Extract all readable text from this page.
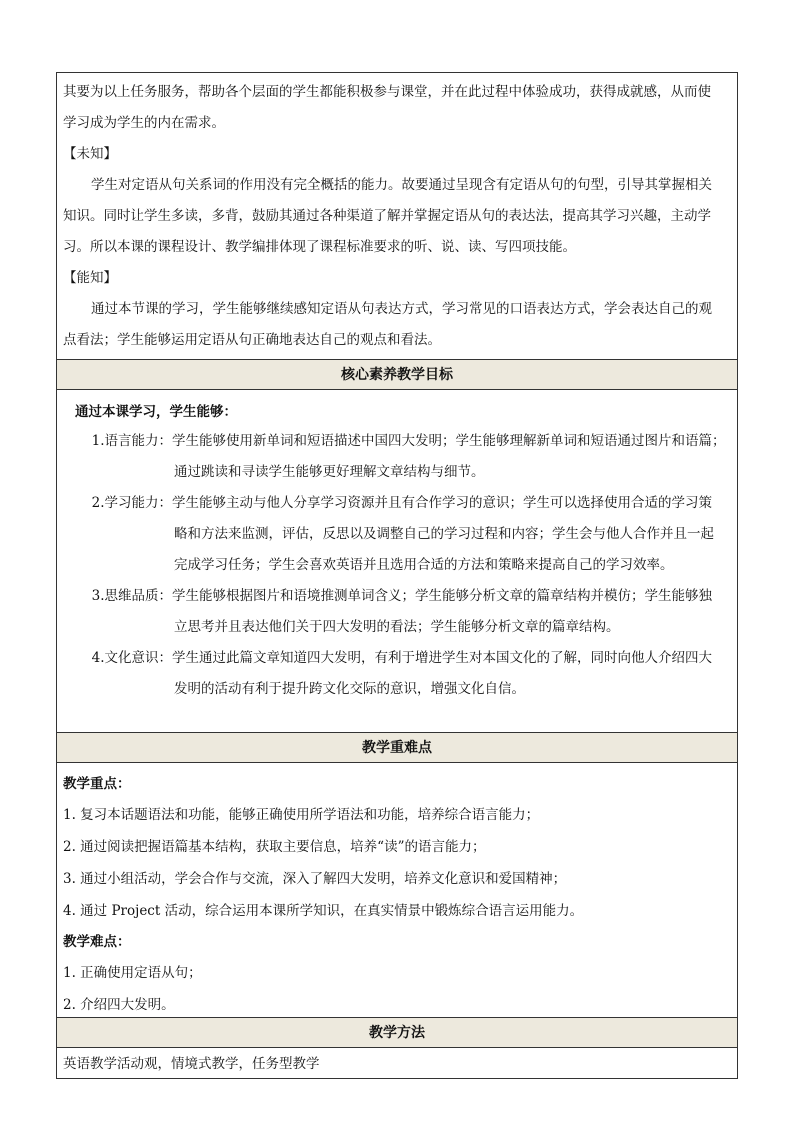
其要为以上任务服务，帮助各个层面的学生都能积极参与课堂，并在此过程中体验成功，获得成就感，从而使

学习成为学生的内在需求。

【未知】

学生对定语从句关系词的作用没有完全概括的能力。故要通过呈现含有定语从句的句型，引导其掌握相关

知识。同时让学生多读，多背，鼓励其通过各种渠道了解并掌握定语从句的表达法，提高其学习兴趣，主动学

习。所以本课的课程设计、教学编排体现了课程标准要求的听、说、读、写四项技能。

【能知】

通过本节课的学习，学生能够继续感知定语从句表达方式，学习常见的口语表达方式，学会表达自己的观

点看法；学生能够运用定语从句正确地表达自己的观点和看法。

核心素养教学目标

通过本课学习，学生能够：

1.语言能力： 学生能够使用新单词和短语描述中国四大发明；学生能够理解新单词和短语通过图片和语篇；
通过跳读和寻读学生能够更好理解文章结构与细节。
2.学习能力： 学生能够主动与他人分享学习资源并且有合作学习的意识；学生可以选择使用合适的学习策
略和方法来监测，评估，反思以及调整自己的学习过程和内容；学生会与他人合作并且一起
完成学习任务；学生会喜欢英语并且选用合适的方法和策略来提高自己的学习效率。
3.思维品质： 学生能够根据图片和语境推测单词含义；学生能够分析文章的篇章结构并模仿；学生能够独
立思考并且表达他们关于四大发明的看法；学生能够分析文章的篇章结构。
4.文化意识： 学生通过此篇文章知道四大发明，有利于增进学生对本国文化的了解，同时向他人介绍四大
发明的活动有利于提升跨文化交际的意识，增强文化自信。
教学重难点

教学重点：

1. 复习本话题语法和功能，能够正确使用所学语法和功能，培养综合语言能力；

2. 通过阅读把握语篇基本结构，获取主要信息，培养“读”的语言能力；

3. 通过小组活动，学会合作与交流，深入了解四大发明，培养文化意识和爱国精神；

4. 通过 Project 活动，综合运用本课所学知识，在真实情景中锻炼综合语言运用能力。

教学难点：

1. 正确使用定语从句；

2. 介绍四大发明。

教学方法
英语教学活动观，情境式教学，任务型教学
